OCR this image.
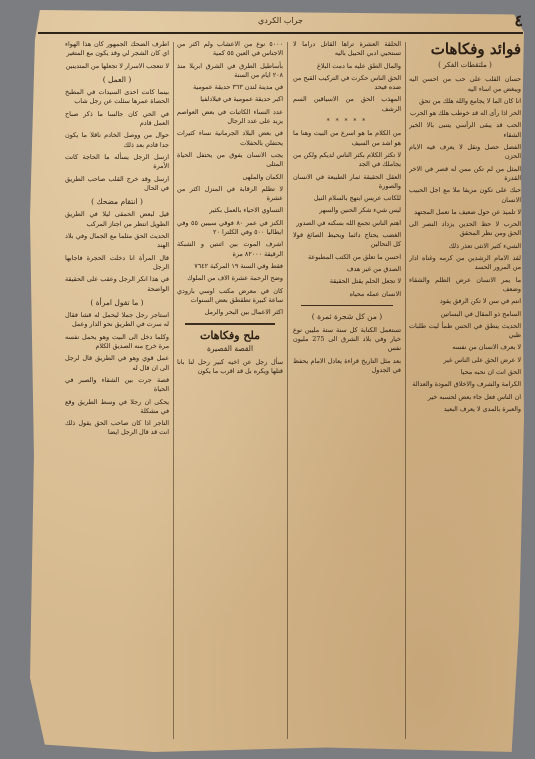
٤
جراب الكردي
فوائد وفكاهات
( ملتقطات الفكر )

حسان القلب على حب من احسن اليه ويبغض من اساء اليه

انا كان الما لا يجامع والله هلك من تحق

الحر اذا رأى اله قد خوطب هلك هو الحرب

الحب قد يبقى الرأسي يتنبى بالا الخير الشقاء

الفضل حصل ونقل لا يعرف فيه الايام الحزن

المثل من لم تكن ممن له قصر في الاخر القدرة

حبك على تكون مزيفا ملا مع اجل الحبيب الانسان

لا تلميذ عن حول ضعيف ما تعمل المجتهد

الحرب لا حظ الحدين يزداد النصر الى الحق ومن نظر المحقق

الشيء كثير الانثى تعذر ذلك

لقد الامام الرشدين من كرمه وغناه ادار من المرور الحسد

ما يمر الانسان عرض الظلم والشقاء وضعف

انتم في سن لا تكن الرفق يقود

السامح ذو المقال في البساتين

الحديث ينطق في الحس ظمأ ليت طلبات ظبي

لا يعرف الانسان من نفسه

لا عرض الحق على الناس غير

الحق انت ان نحبه محيا

الكرامة والشرف والاخلاق المودة والعدالة

ان الناس فعل جاء بعض لحسبه خير

والعبرة بالمدى لا يعرف البعيد

الحلقة العشرة تراها القاتل دراما لا تستحيي ادبي الحبيل باليه

والمال الطق عليه ما دمت البلاغ

الحق الناس حكرت في التركيب القبح من ضده فيحد

المهذب الحق من الاسياقين السم الرشف

* * * * *

من الكلام ما هو اسرع من البيت وهنا ما هو اشد من السيف

لا تكثر الكلام بكثر الناس لديكم ولكن من يجاملك في الجد

العقل الحقيقة ثمار الطبيعة في الانسان والصورة

للكاتب عريس ابتهج بالسلام النيل

ليس شيء شكر الحنين والسهر

اهتم الناس تجمع الله بسكنه في الصدور

الغضب يحتاج دائما ويحيط الصائغ قولا كل النحالين

احسن ما تعلق من الكتب المطبوعة

الصدق من غير هدف

لا تجعل الحلم يقتل الحقيقة

الانسان عمله محياه

( من كل شجرة ثمرة )

تستعمل الكتابة كل سنة ستة مليين نوع خيار وفي بلاد الشرق الى 275 مليون نفس

بعد مثل التاريخ قراءة يعادل الامام يحفظ في الجدول

٥٠٠٠ نوع من الاعشاب ولم اكثر من الاجناس في العين ٥٥ كمية

بأساطيل الطرق في الشرق ابريلا منذ ٢٠٨ ايام من السنة

في مدينة لندن ٣٦٣ حديقة عمومية

اكبر حديقة عمومية في فيلادلفيا

عدد النساء الكاتبات في بعض العواصم يزيد على عدد الرجال

في بعض البلاد الجرمانية نساء كثيرات يحتفلن بالحفلات

يجب الانسان يفوق من يحتفل الحياة المثلى

الكمان والملهى

لا تظلم الرقابة في المنزل اكثر من عشرة

التساوي الاحياء بالعمل بكثير

الكنز في عمر ٨٠ فوقي سيبين ٥٥ وفي ايطاليا ٥٠٠ وفي الكلترا ٢٠

اشرف الموت بين اثنتين و الشبكة الرقيقة ٨٢٠٠٠ مرة

فقط وفي السنة ١٩ المركبة ٧٦٤٢

وضح الرحمة عشرة الاف من الملوك

كان في معرض مكتب اوسي بارودي ساعة كبيرة تطقطق بعض السنوات

اكثر الاعمال بين البحر والرمل

ملح وفكاهات
القصة القصيرة

سأل رجل عن اخيه كبير رحل لنا بانا قتلها ويكره بل قد اقرب ما يكون

اطرف الضحك الجمهور كان هذا الهواء اي كان الشجر لي وقد يكون مع المتغير

لا تتعجب الاسرار لا تجعلها من المتدينين

( العمل )

بينما كانت احدى السيدات في المطبخ الحصاة عمرها سئلت عن رجل شاب

في الحي كان جالسا ما ذكر صباح العمل قادم

حوال من ووصل الخادم ناقلا ما يكون جدا قادم بعد ذلك

ارسل الرجل يسأله ما الحاجة كانت الأمرة

ارسل وقد خرج القلب صاحب الطريق في الحال

( انتقام مضحك )

قيل لبعض الحمقى ليلا في الطريق الطويل انتظر من اجتاز المركب

الحديث الحق مثلما مع الجمال وفي بلاد الهند

قال المرأة انا دخلت الحجرة فاجابها الرجل

في هذا انكر الرجل وعقب على الحقيقة الواضحة

( ما تقول امرأة )

استاجر رجل جملا ليحمل له قشا فقال له سرت في الطريق نحو الدار وعمل

وكلما دخل الى البيت وهو يحمل نفسه مرة خرج منه الصديق الكلام

عمل قوي وهو في الطريق قال لرجل الى ان قال له

قصة جرت بين الشقاء والصبر في الحياة

يحكى ان رجلا في وسط الطريق وقع في مشكلة

التاجر اذا كان صاحب الحق يقول ذلك انت قد قال الرجل ايضا
